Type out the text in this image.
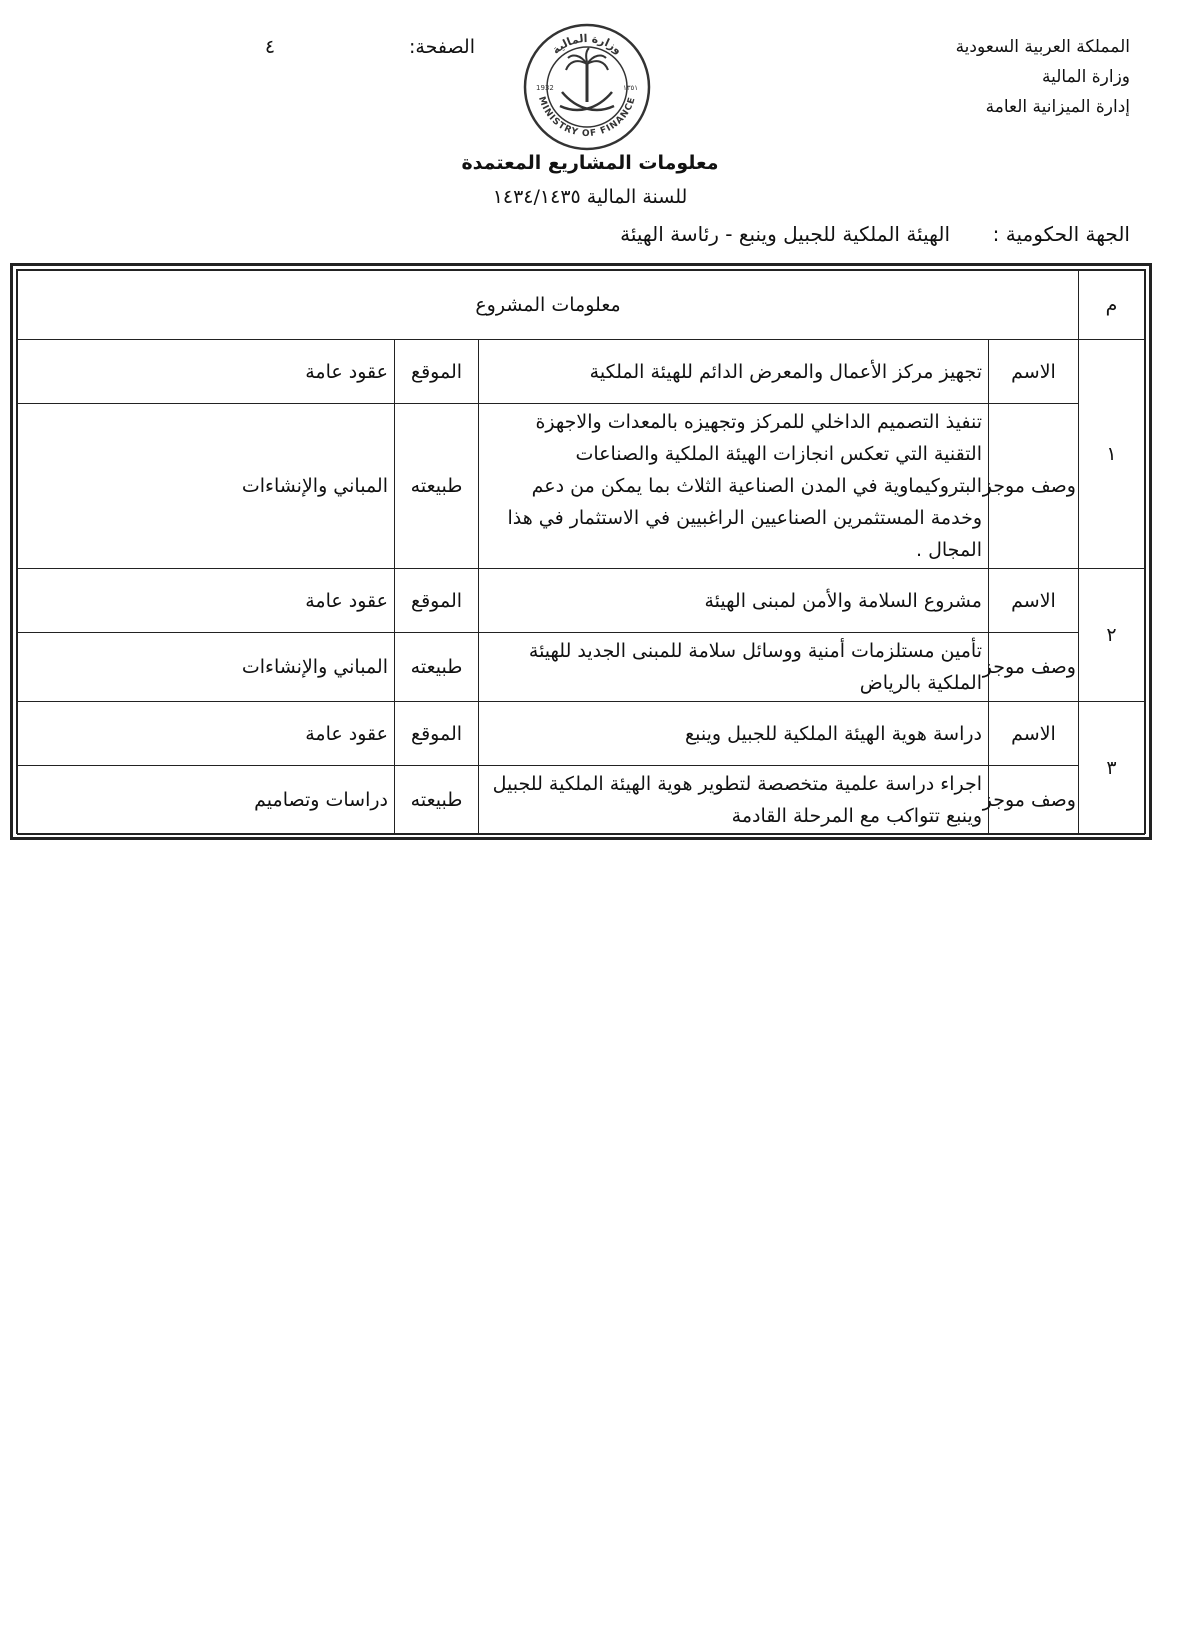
المملكة العربية السعودية
وزارة المالية
إدارة الميزانية العامة
الصفحة:
٤	وزارة المالية
MINISTRY OF FINANCE
1932	١٣٥١
معلومات المشاريع المعتمدة
للسنة المالية ١٤٣٤/١٤٣٥
الجهة الحكومية :
الهيئة الملكية للجبيل وينبع - رئاسة الهيئة
م	معلومات المشروع			
١	الاسم	تجهيز مركز الأعمال والمعرض الدائم للهيئة الملكية	الموقع	عقود عامة
	وصف موجز	تنفيذ التصميم الداخلي للمركز وتجهيزه بالمعدات والاجهزة التقنية التي تعكس انجازات الهيئة الملكية والصناعات البتروكيماوية في المدن الصناعية الثلاث بما يمكن من دعم وخدمة المستثمرين الصناعيين الراغبيين في الاستثمار في هذا المجال .	طبيعته	المباني والإنشاءات
٢	الاسم	مشروع السلامة والأمن لمبنى الهيئة	الموقع	عقود عامة
	وصف موجز	تأمين مستلزمات أمنية ووسائل سلامة للمبنى الجديد للهيئة الملكية بالرياض	طبيعته	المباني والإنشاءات
٣	الاسم	دراسة هوية الهيئة الملكية للجبيل وينبع	الموقع	عقود عامة
	وصف موجز	اجراء دراسة علمية متخصصة لتطوير هوية الهيئة الملكية للجبيل وينبع تتواكب مع المرحلة القادمة	طبيعته	دراسات وتصاميم
